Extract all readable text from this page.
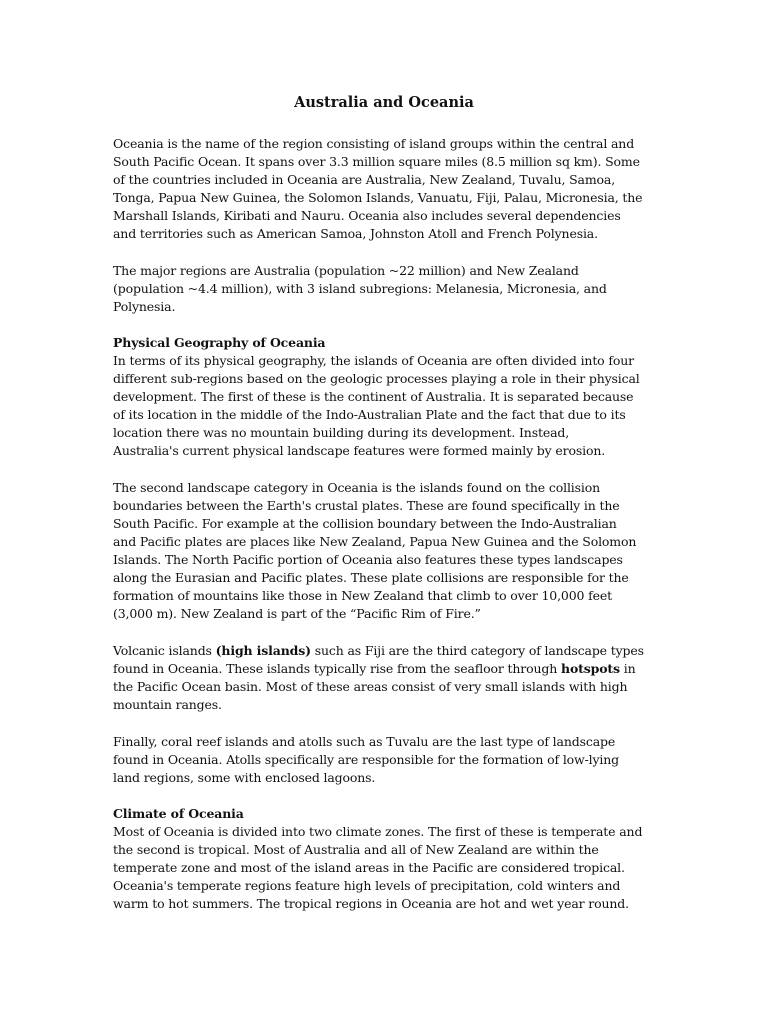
Australia and Oceania
Oceania is the name of the region consisting of island groups within the central and
South Pacific Ocean. It spans over 3.3 million square miles (8.5 million sq km). Some
of the countries included in Oceania are Australia, New Zealand, Tuvalu, Samoa,
Tonga, Papua New Guinea, the Solomon Islands, Vanuatu, Fiji, Palau, Micronesia, the
Marshall Islands, Kiribati and Nauru. Oceania also includes several dependencies
and territories such as American Samoa, Johnston Atoll and French Polynesia.
The major regions are Australia (population ~22 million) and New Zealand
(population ~4.4 million), with 3 island subregions: Melanesia, Micronesia, and
Polynesia.
Physical Geography of Oceania
In terms of its physical geography, the islands of Oceania are often divided into four
different sub-regions based on the geologic processes playing a role in their physical
development. The first of these is the continent of Australia. It is separated because
of its location in the middle of the Indo-Australian Plate and the fact that due to its
location there was no mountain building during its development. Instead,
Australia's current physical landscape features were formed mainly by erosion.
The second landscape category in Oceania is the islands found on the collision
boundaries between the Earth's crustal plates. These are found specifically in the
South Pacific. For example at the collision boundary between the Indo-Australian
and Pacific plates are places like New Zealand, Papua New Guinea and the Solomon
Islands. The North Pacific portion of Oceania also features these types landscapes
along the Eurasian and Pacific plates. These plate collisions are responsible for the
formation of mountains like those in New Zealand that climb to over 10,000 feet
(3,000 m). New Zealand is part of the “Pacific Rim of Fire.”
Volcanic islands (high islands) such as Fiji are the third category of landscape types
found in Oceania. These islands typically rise from the seafloor through hotspots in
the Pacific Ocean basin. Most of these areas consist of very small islands with high
mountain ranges.
Finally, coral reef islands and atolls such as Tuvalu are the last type of landscape
found in Oceania. Atolls specifically are responsible for the formation of low-lying
land regions, some with enclosed lagoons.
Climate of Oceania
Most of Oceania is divided into two climate zones. The first of these is temperate and
the second is tropical. Most of Australia and all of New Zealand are within the
temperate zone and most of the island areas in the Pacific are considered tropical.
Oceania's temperate regions feature high levels of precipitation, cold winters and
warm to hot summers. The tropical regions in Oceania are hot and wet year round.
